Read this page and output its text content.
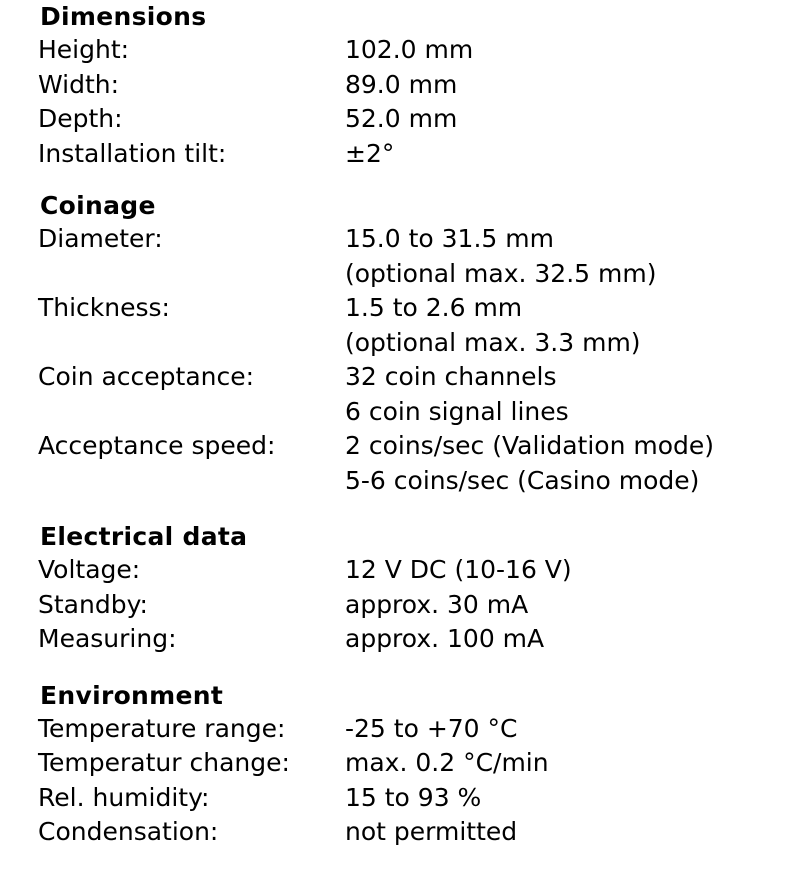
Dimensions
Height:	102.0 mm
Width:	89.0 mm
Depth:	52.0 mm
Installation tilt:	±2°
Coinage
Diameter:	15.0 to 31.5 mm
(optional max. 32.5 mm)
Thickness:	1.5 to 2.6 mm
(optional max. 3.3 mm)
Coin acceptance:	32 coin channels
6 coin signal lines
Acceptance speed:	2 coins/sec (Validation mode)
5-6 coins/sec (Casino mode)
Electrical data
Voltage:	12 V DC (10-16 V)
Standby:	approx. 30 mA
Measuring:	approx. 100 mA
Environment
Temperature range:	-25 to +70 °C
Temperatur change:	max. 0.2 °C/min
Rel. humidity:	15 to 93 %
Condensation:	not permitted
